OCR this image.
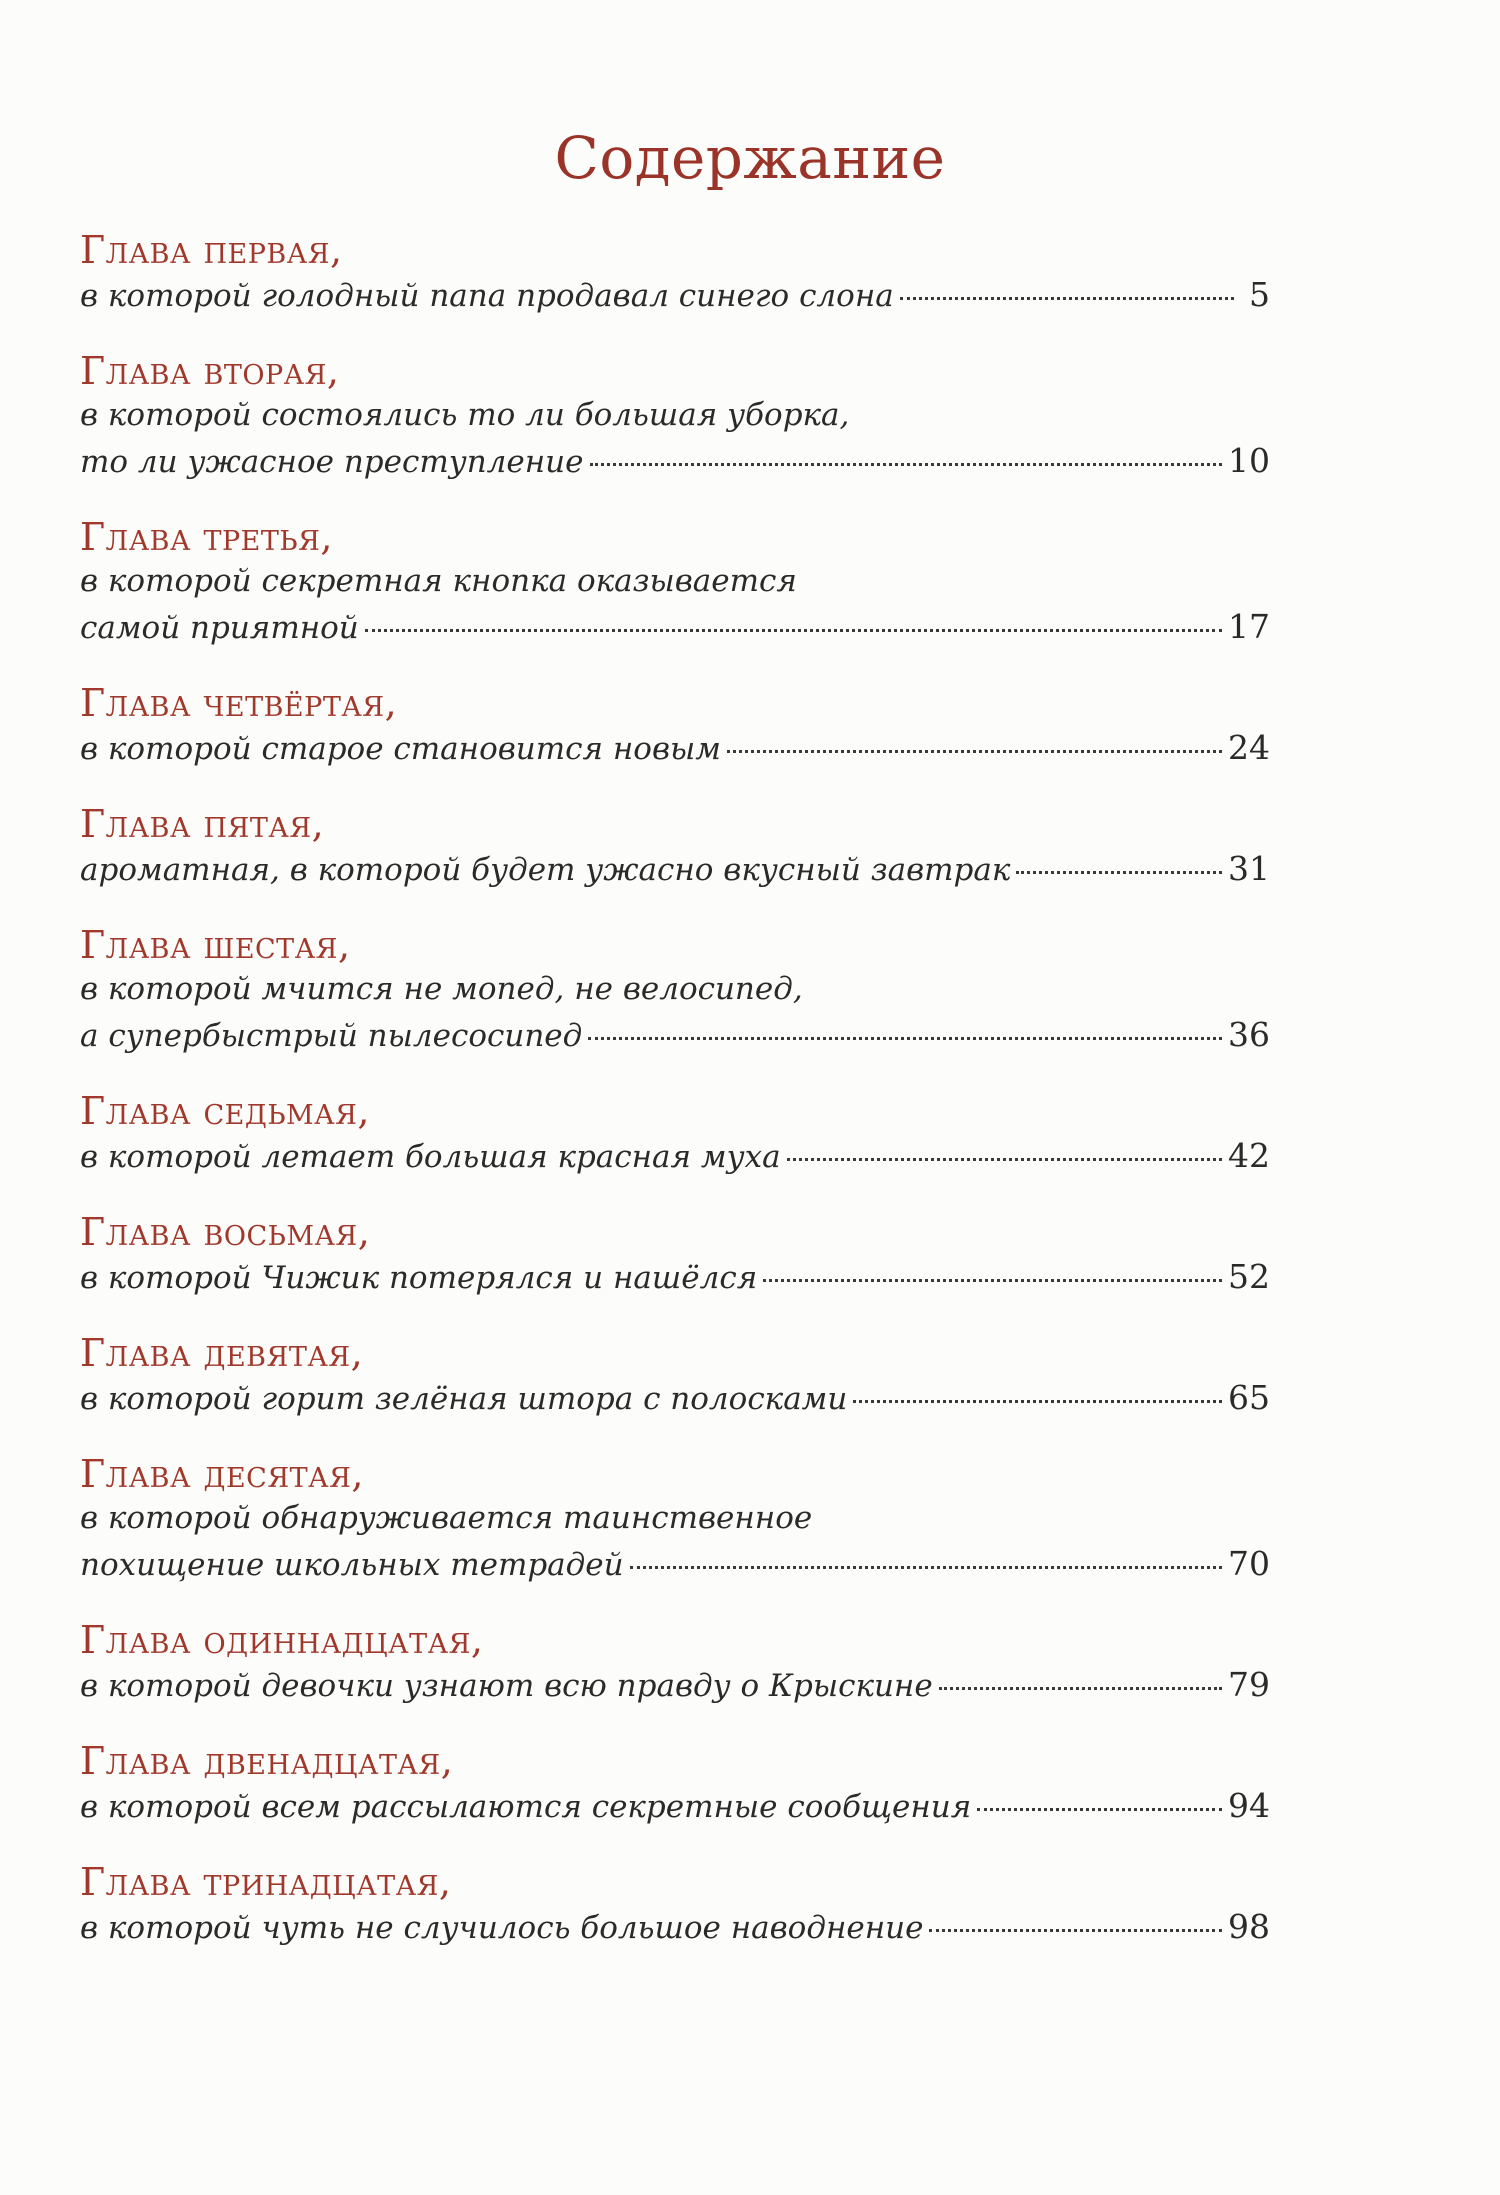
Содержание
Глава первая,
в которой голодный папа продавал синего слона	5
Глава вторая,
в которой состоялись то ли большая уборка,
то ли ужасное преступление	10
Глава третья,
в которой секретная кнопка оказывается
самой приятной	17
Глава четвёртая,
в которой старое становится новым	24
Глава пятая,
ароматная, в которой будет ужасно вкусный завтрак	31
Глава шестая,
в которой мчится не мопед, не велосипед,
а супербыстрый пылесосипед	36
Глава седьмая,
в которой летает большая красная муха	42
Глава восьмая,
в которой Чижик потерялся и нашёлся	52
Глава девятая,
в которой горит зелёная штора с полосками	65
Глава десятая,
в которой обнаруживается таинственное
похищение школьных тетрадей	70
Глава одиннадцатая,
в которой девочки узнают всю правду о Крыскине	79
Глава двенадцатая,
в которой всем рассылаются секретные сообщения	94
Глава тринадцатая,
в которой чуть не случилось большое наводнение	98
